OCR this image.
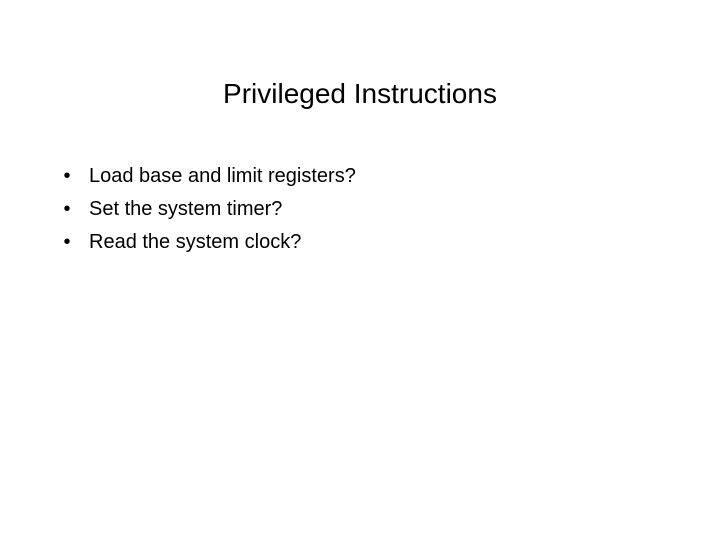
Privileged Instructions
• Load base and limit registers?
• Set the system timer?
• Read the system clock?
